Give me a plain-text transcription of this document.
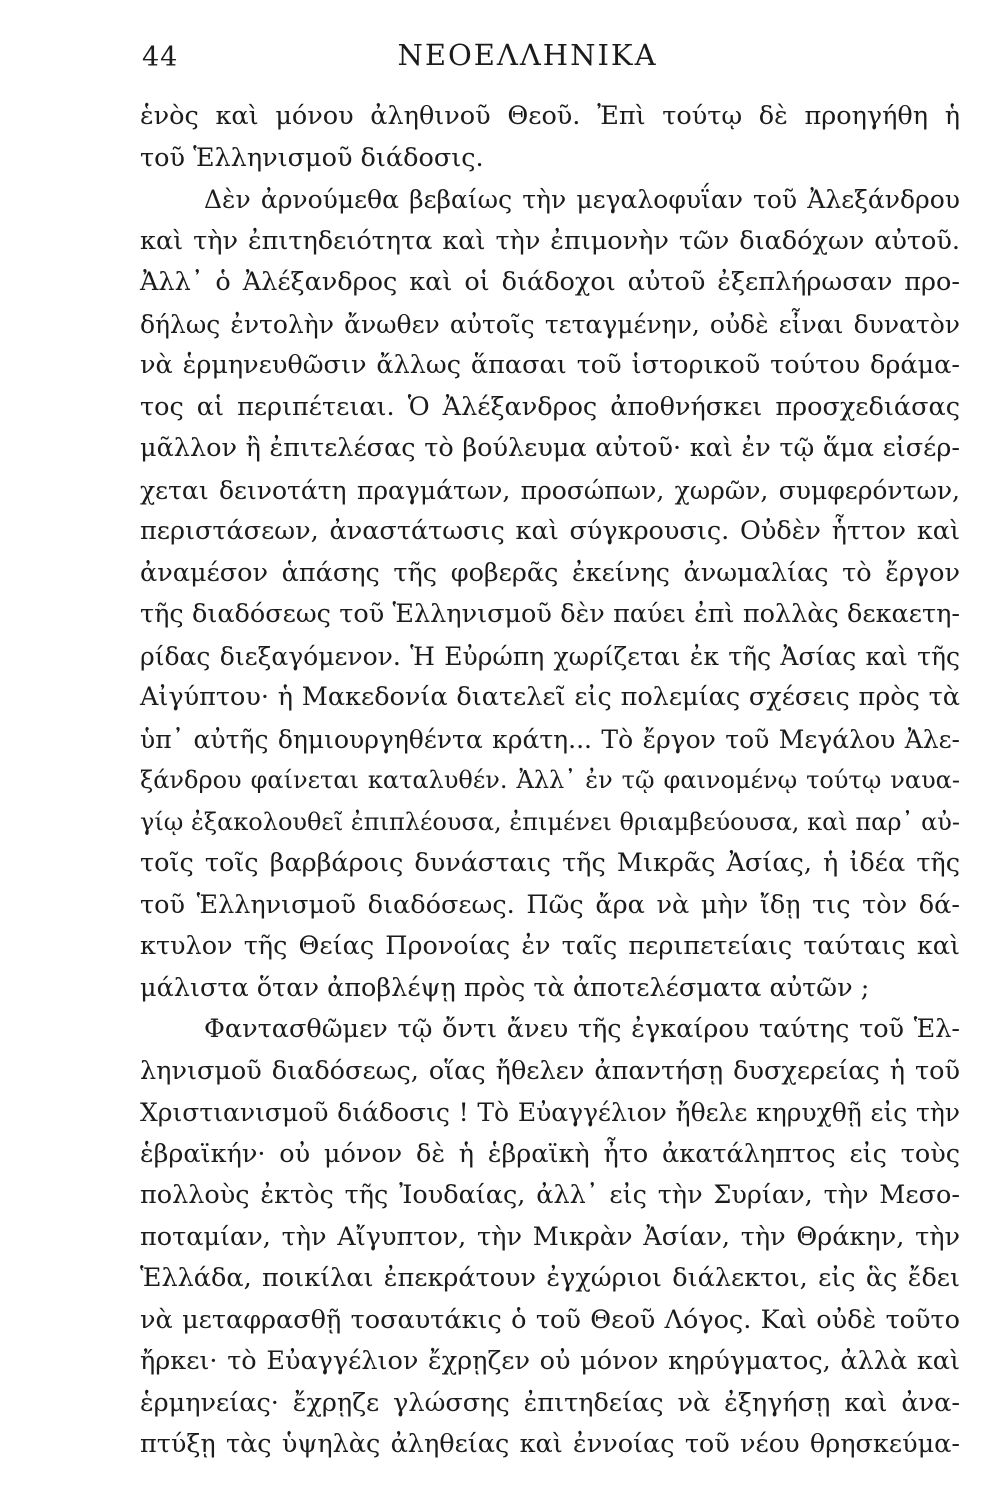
44	ΝΕΟΕΛΛΗΝΙΚΑ
ἑνὸς καὶ μόνου ἀληθινοῦ Θεοῦ. Ἐπὶ τούτῳ δὲ προηγήθη ἡ
τοῦ Ἑλληνισμοῦ διάδοσις.
Δὲν ἀρνούμεθα βεβαίως τὴν μεγαλοφυΐαν τοῦ Ἀλεξάνδρου
καὶ τὴν ἐπιτηδειότητα καὶ τὴν ἐπιμονὴν τῶν διαδόχων αὐτοῦ.
Ἀλλ᾽ ὁ Ἀλέξανδρος καὶ οἱ διάδοχοι αὐτοῦ ἐξεπλήρωσαν προ-
δήλως ἐντολὴν ἄνωθεν αὐτοῖς τεταγμένην, οὐδὲ εἶναι δυνατὸν
νὰ ἑρμηνευθῶσιν ἄλλως ἅπασαι τοῦ ἱστορικοῦ τούτου δράμα-
τος αἱ περιπέτειαι. Ὁ Ἀλέξανδρος ἀποθνήσκει προσχεδιάσας
μᾶλλον ἢ ἐπιτελέσας τὸ βούλευμα αὐτοῦ· καὶ ἐν τῷ ἅμα εἰσέρ-
χεται δεινοτάτη πραγμάτων, προσώπων, χωρῶν, συμφερόντων,
περιστάσεων, ἀναστάτωσις καὶ σύγκρουσις. Οὐδὲν ἧττον καὶ
ἀναμέσον ἁπάσης τῆς φοβερᾶς ἐκείνης ἀνωμαλίας τὸ ἔργον
τῆς διαδόσεως τοῦ Ἑλληνισμοῦ δὲν παύει ἐπὶ πολλὰς δεκαετη-
ρίδας διεξαγόμενον. Ἡ Εὐρώπη χωρίζεται ἐκ τῆς Ἀσίας καὶ τῆς
Αἰγύπτου· ἡ Μακεδονία διατελεῖ εἰς πολεμίας σχέσεις πρὸς τὰ
ὑπ᾽ αὐτῆς δημιουργηθέντα κράτη... Τὸ ἔργον τοῦ Μεγάλου Ἀλε-
ξάνδρου φαίνεται καταλυθέν. Ἀλλ᾽ ἐν τῷ φαινομένῳ τούτῳ ναυα-
γίῳ ἐξακολουθεῖ ἐπιπλέουσα, ἐπιμένει θριαμβεύουσα, καὶ παρ᾽ αὐ-
τοῖς τοῖς βαρβάροις δυνάσταις τῆς Μικρᾶς Ἀσίας, ἡ ἰδέα τῆς
τοῦ Ἑλληνισμοῦ διαδόσεως. Πῶς ἄρα νὰ μὴν ἴδῃ τις τὸν δά-
κτυλον τῆς Θείας Προνοίας ἐν ταῖς περιπετείαις ταύταις καὶ
μάλιστα ὅταν ἀποβλέψῃ πρὸς τὰ ἀποτελέσματα αὐτῶν ;
Φαντασθῶμεν τῷ ὄντι ἄνευ τῆς ἐγκαίρου ταύτης τοῦ Ἑλ-
ληνισμοῦ διαδόσεως, οἵας ἤθελεν ἀπαντήσῃ δυσχερείας ἡ τοῦ
Χριστιανισμοῦ διάδοσις ! Τὸ Εὐαγγέλιον ἤθελε κηρυχθῇ εἰς τὴν
ἑβραϊκήν· οὐ μόνον δὲ ἡ ἑβραϊκὴ ἦτο ἀκατάληπτος εἰς τοὺς
πολλοὺς ἐκτὸς τῆς Ἰουδαίας, ἀλλ᾽ εἰς τὴν Συρίαν, τὴν Μεσο-
ποταμίαν, τὴν Αἴγυπτον, τὴν Μικρὰν Ἀσίαν, τὴν Θράκην, τὴν
Ἑλλάδα, ποικίλαι ἐπεκράτουν ἐγχώριοι διάλεκτοι, εἰς ἃς ἔδει
νὰ μεταφρασθῇ τοσαυτάκις ὁ τοῦ Θεοῦ Λόγος. Καὶ οὐδὲ τοῦτο
ἤρκει· τὸ Εὐαγγέλιον ἔχρῃζεν οὐ μόνον κηρύγματος, ἀλλὰ καὶ
ἑρμηνείας· ἔχρῃζε γλώσσης ἐπιτηδείας νὰ ἐξηγήσῃ καὶ ἀνα-
πτύξῃ τὰς ὑψηλὰς ἀληθείας καὶ ἐννοίας τοῦ νέου θρησκεύμα-
